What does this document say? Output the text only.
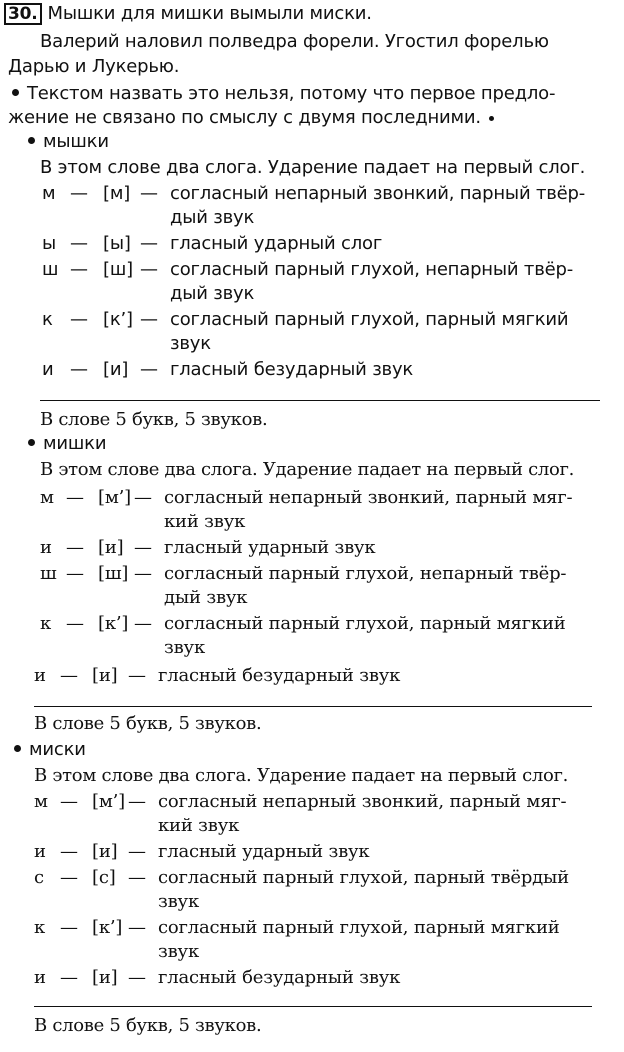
30. Мышки для мишки вымыли миски.
Валерий наловил полведра форели. Угостил форелью
Дарью и Лукерью.
Текстом назвать это нельзя, потому что первое предло-
жение не связано по смыслу с двумя последними.
мышки
В этом слове два слога. Ударение падает на первый слог.
м — [м] — согласный непарный звонкий, парный твёр-
дый звук
ы — [ы] — гласный ударный слог
ш — [ш] — согласный парный глухой, непарный твёр-
дый звук
к — [к’] — согласный парный глухой, парный мягкий
звук
и — [и] — гласный безударный звук
В слове 5 букв, 5 звуков.
мишки
В этом слове два слога. Ударение падает на первый слог.
м — [м’] — согласный непарный звонкий, парный мяг-
кий звук
и — [и] — гласный ударный звук
ш — [ш] — согласный парный глухой, непарный твёр-
дый звук
к — [к’] — согласный парный глухой, парный мягкий
звук
и — [и] — гласный безударный звук
В слове 5 букв, 5 звуков.
миски
В этом слове два слога. Ударение падает на первый слог.
м — [м’] — согласный непарный звонкий, парный мяг-
кий звук
и — [и] — гласный ударный звук
с — [с] — согласный парный глухой, парный твёрдый
звук
к — [к’] — согласный парный глухой, парный мягкий
звук
и — [и] — гласный безударный звук
В слове 5 букв, 5 звуков.
